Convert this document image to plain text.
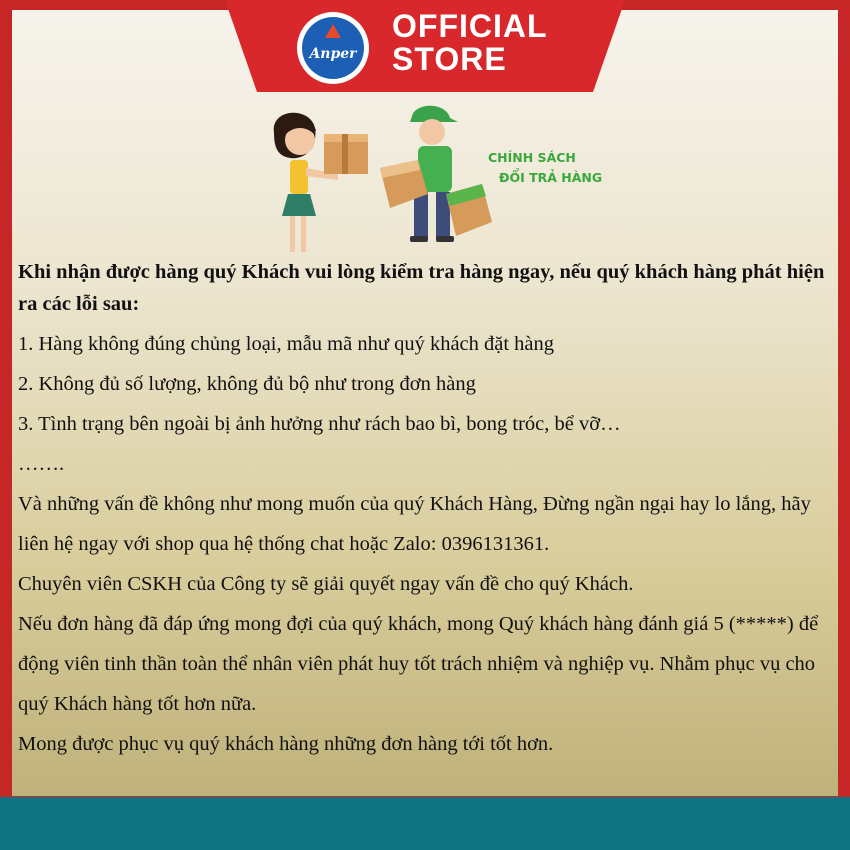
Anper
OFFICIAL
STORE
CHÍNH SÁCH
ĐỔI TRẢ HÀNG

Khi nhận được hàng quý Khách vui lòng kiểm tra hàng ngay, nếu quý khách hàng phát hiện ra các lỗi sau:

1. Hàng không đúng chủng loại, mẫu mã như quý khách đặt hàng

2. Không đủ số lượng, không đủ bộ như trong đơn hàng

3. Tình trạng bên ngoài bị ảnh hưởng như rách bao bì, bong tróc, bể vỡ…

…….

Và những vấn đề không như mong muốn của quý Khách Hàng, Đừng ngần ngại hay lo lắng, hãy liên hệ ngay với shop qua hệ thống chat hoặc Zalo: 0396131361.

Chuyên viên CSKH của Công ty sẽ giải quyết ngay vấn đề cho quý Khách.

Nếu đơn hàng đã đáp ứng mong đợi của quý khách, mong Quý khách hàng đánh giá 5 (*****) để động viên tinh thần toàn thể nhân viên phát huy tốt trách nhiệm và nghiệp vụ. Nhằm phục vụ cho quý Khách hàng tốt hơn nữa.

Mong được phục vụ quý khách hàng những đơn hàng tới tốt hơn.
